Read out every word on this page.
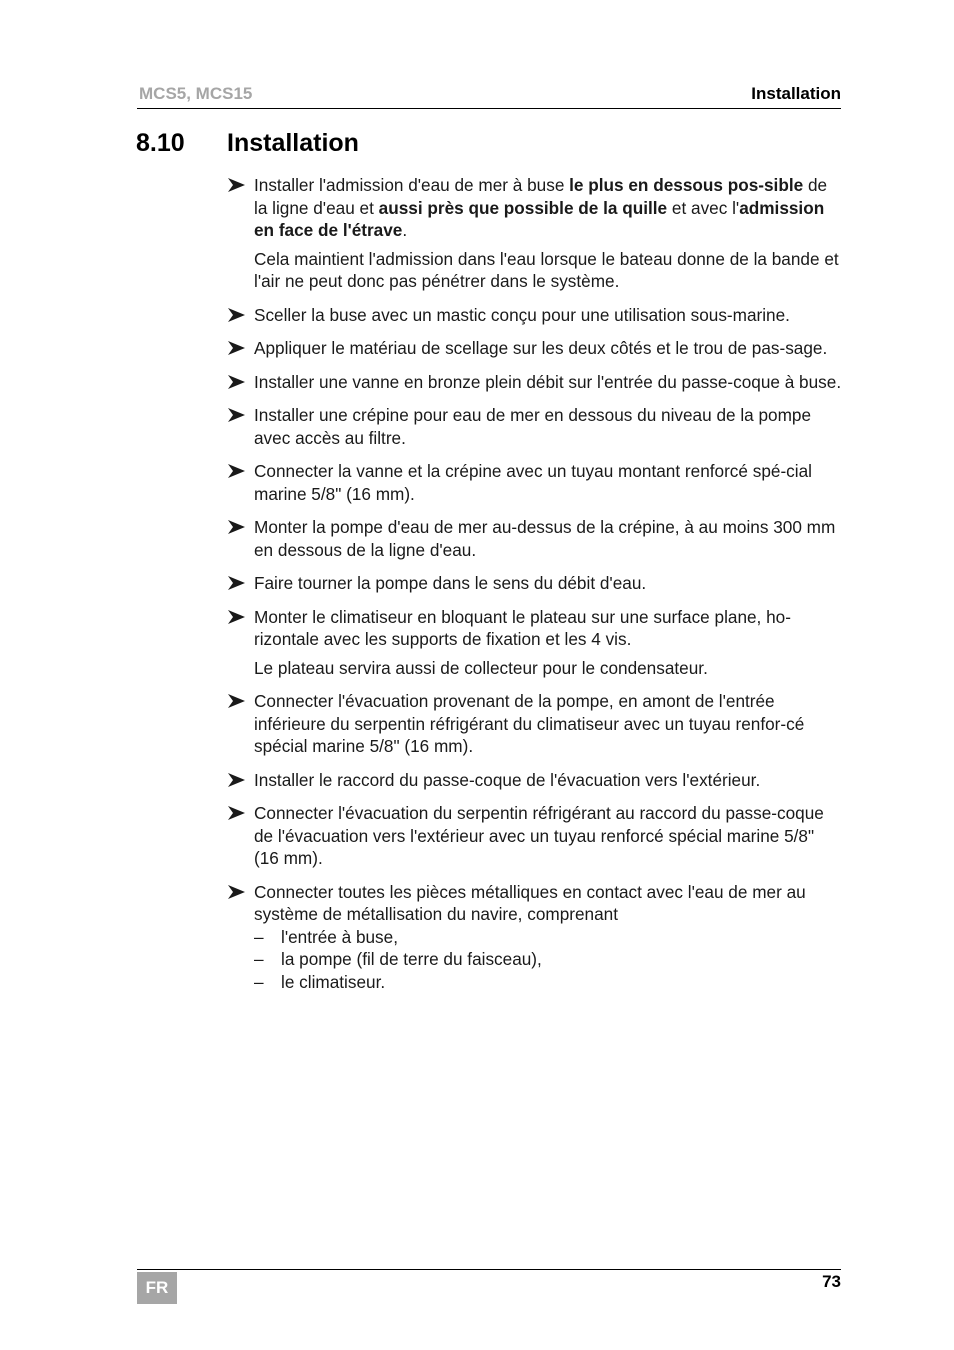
MCS5, MCS15	Installation
8.10 Installation

Installer l'admission d'eau de mer à buse le plus en dessous pos-sible de la ligne d'eau et aussi près que possible de la quille et avec l'admission en face de l'étrave.

Cela maintient l'admission dans l'eau lorsque le bateau donne de la bande et l'air ne peut donc pas pénétrer dans le système.

Sceller la buse avec un mastic conçu pour une utilisation sous-marine.

Appliquer le matériau de scellage sur les deux côtés et le trou de pas-sage.

Installer une vanne en bronze plein débit sur l'entrée du passe-coque à buse.

Installer une crépine pour eau de mer en dessous du niveau de la pompe avec accès au filtre.

Connecter la vanne et la crépine avec un tuyau montant renforcé spé-cial marine 5/8" (16 mm).

Monter la pompe d'eau de mer au-dessus de la crépine, à au moins 300 mm en dessous de la ligne d'eau.

Faire tourner la pompe dans le sens du débit d'eau.

Monter le climatiseur en bloquant le plateau sur une surface plane, ho-rizontale avec les supports de fixation et les 4 vis.

Le plateau servira aussi de collecteur pour le condensateur.

Connecter l'évacuation provenant de la pompe, en amont de l'entrée inférieure du serpentin réfrigérant du climatiseur avec un tuyau renfor-cé spécial marine 5/8" (16 mm).

Installer le raccord du passe-coque de l'évacuation vers l'extérieur.

Connecter l'évacuation du serpentin réfrigérant au raccord du passe-coque de l'évacuation vers l'extérieur avec un tuyau renforcé spécial marine 5/8" (16 mm).

Connecter toutes les pièces métalliques en contact avec l'eau de mer au système de métallisation du navire, comprenant

– l'entrée à buse,
– la pompe (fil de terre du faisceau),
– le climatiseur.
FR	73
